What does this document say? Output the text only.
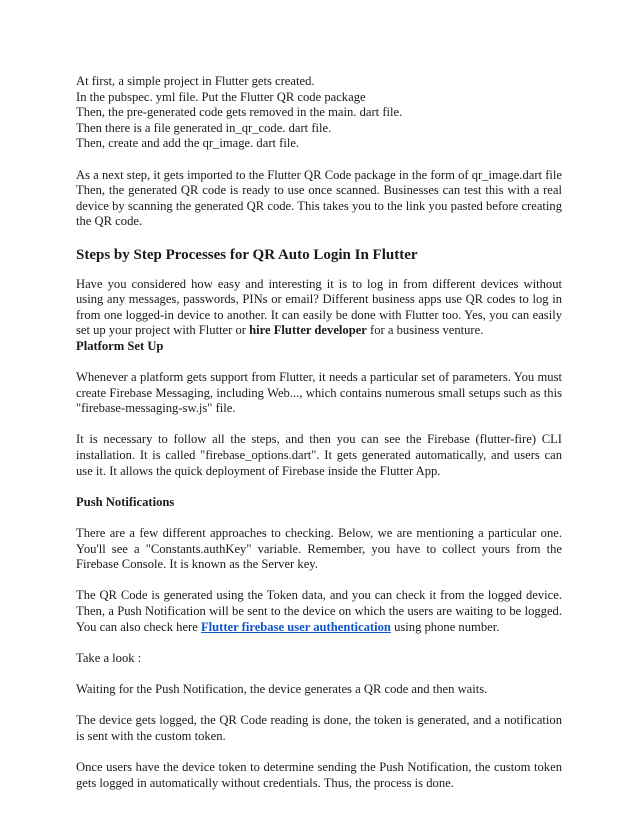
At first, a simple project in Flutter gets created.

In the pubspec. yml file. Put the Flutter QR code package

Then, the pre-generated code gets removed in the main. dart file.

Then there is a file generated in_qr_code. dart file.

Then, create and add the qr_image. dart file.

As a next step, it gets imported to the Flutter QR Code package in the form of qr_image.dart file Then, the generated QR code is ready to use once scanned. Businesses can test this with a real device by scanning the generated QR code. This takes you to the link you pasted before creating the QR code.

Steps by Step Processes for QR Auto Login In Flutter

Have you considered how easy and interesting it is to log in from different devices without using any messages, passwords, PINs or email? Different business apps use QR codes to log in from one logged-in device to another. It can easily be done with Flutter too. Yes, you can easily set up your project with Flutter or hire Flutter developer for a business venture.

Platform Set Up

Whenever a platform gets support from Flutter, it needs a particular set of parameters. You must create Firebase Messaging, including Web..., which contains numerous small setups such as this "firebase-messaging-sw.js" file.

It is necessary to follow all the steps, and then you can see the Firebase (flutter-fire) CLI installation. It is called "firebase_options.dart". It gets generated automatically, and users can use it. It allows the quick deployment of Firebase inside the Flutter App.

Push Notifications

There are a few different approaches to checking. Below, we are mentioning a particular one. You'll see a "Constants.authKey" variable. Remember, you have to collect yours from the Firebase Console. It is known as the Server key.

The QR Code is generated using the Token data, and you can check it from the logged device. Then, a Push Notification will be sent to the device on which the users are waiting to be logged. You can also check here Flutter firebase user authentication using phone number.

Take a look :

Waiting for the Push Notification, the device generates a QR code and then waits.

The device gets logged, the QR Code reading is done, the token is generated, and a notification is sent with the custom token.

Once users have the device token to determine sending the Push Notification, the custom token gets logged in automatically without credentials. Thus, the process is done.
